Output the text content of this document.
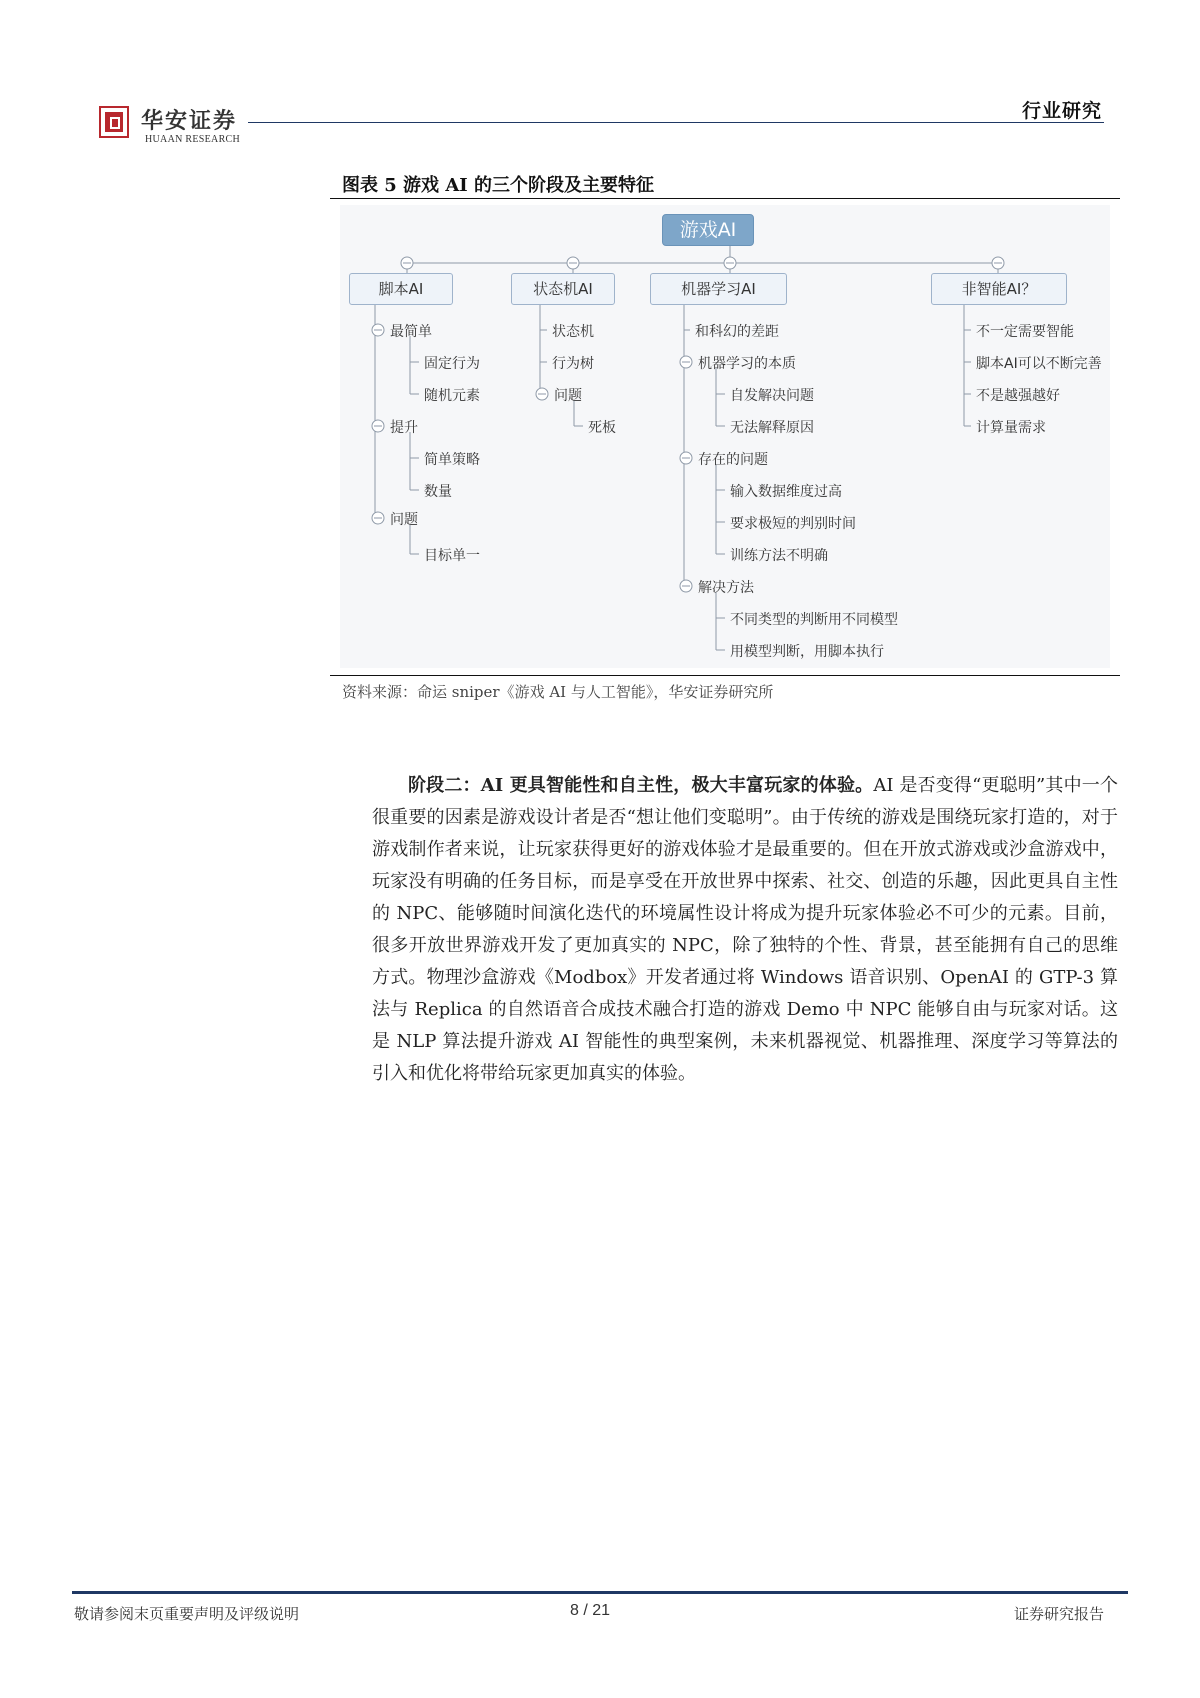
华安证券
HUAAN RESEARCH
行业研究
图表 5 游戏 AI 的三个阶段及主要特征
游戏AI
脚本AI	状态机AI	机器学习AI	非智能AI？
最简单
固定行为
随机元素
提升
简单策略
数量
问题
目标单一
状态机
行为树
问题
死板
和科幻的差距
机器学习的本质
自发解决问题
无法解释原因
存在的问题
输入数据维度过高
要求极短的判别时间
训练方法不明确
解决方法
不同类型的判断用不同模型
用模型判断，用脚本执行
不一定需要智能
脚本AI可以不断完善
不是越强越好
计算量需求
资料来源：命运 sniper《游戏 AI 与人工智能》，华安证券研究所
阶段二：AI 更具智能性和自主性，极大丰富玩家的体验。AI 是否变得“更聪明”其中一个很重要的因素是游戏设计者是否“想让他们变聪明”。由于传统的游戏是围绕玩家打造的，对于游戏制作者来说，让玩家获得更好的游戏体验才是最重要的。但在开放式游戏或沙盒游戏中，玩家没有明确的任务目标，而是享受在开放世界中探索、社交、创造的乐趣，因此更具自主性的 NPC、能够随时间演化迭代的环境属性设计将成为提升玩家体验必不可少的元素。目前，很多开放世界游戏开发了更加真实的 NPC，除了独特的个性、背景，甚至能拥有自己的思维方式。物理沙盒游戏《Modbox》开发者通过将 Windows 语音识别、OpenAI 的 GTP-3 算法与 Replica 的自然语音合成技术融合打造的游戏 Demo 中 NPC 能够自由与玩家对话。这是 NLP 算法提升游戏 AI 智能性的典型案例，未来机器视觉、机器推理、深度学习等算法的引入和优化将带给玩家更加真实的体验。
敬请参阅末页重要声明及评级说明	8 / 21	证券研究报告
